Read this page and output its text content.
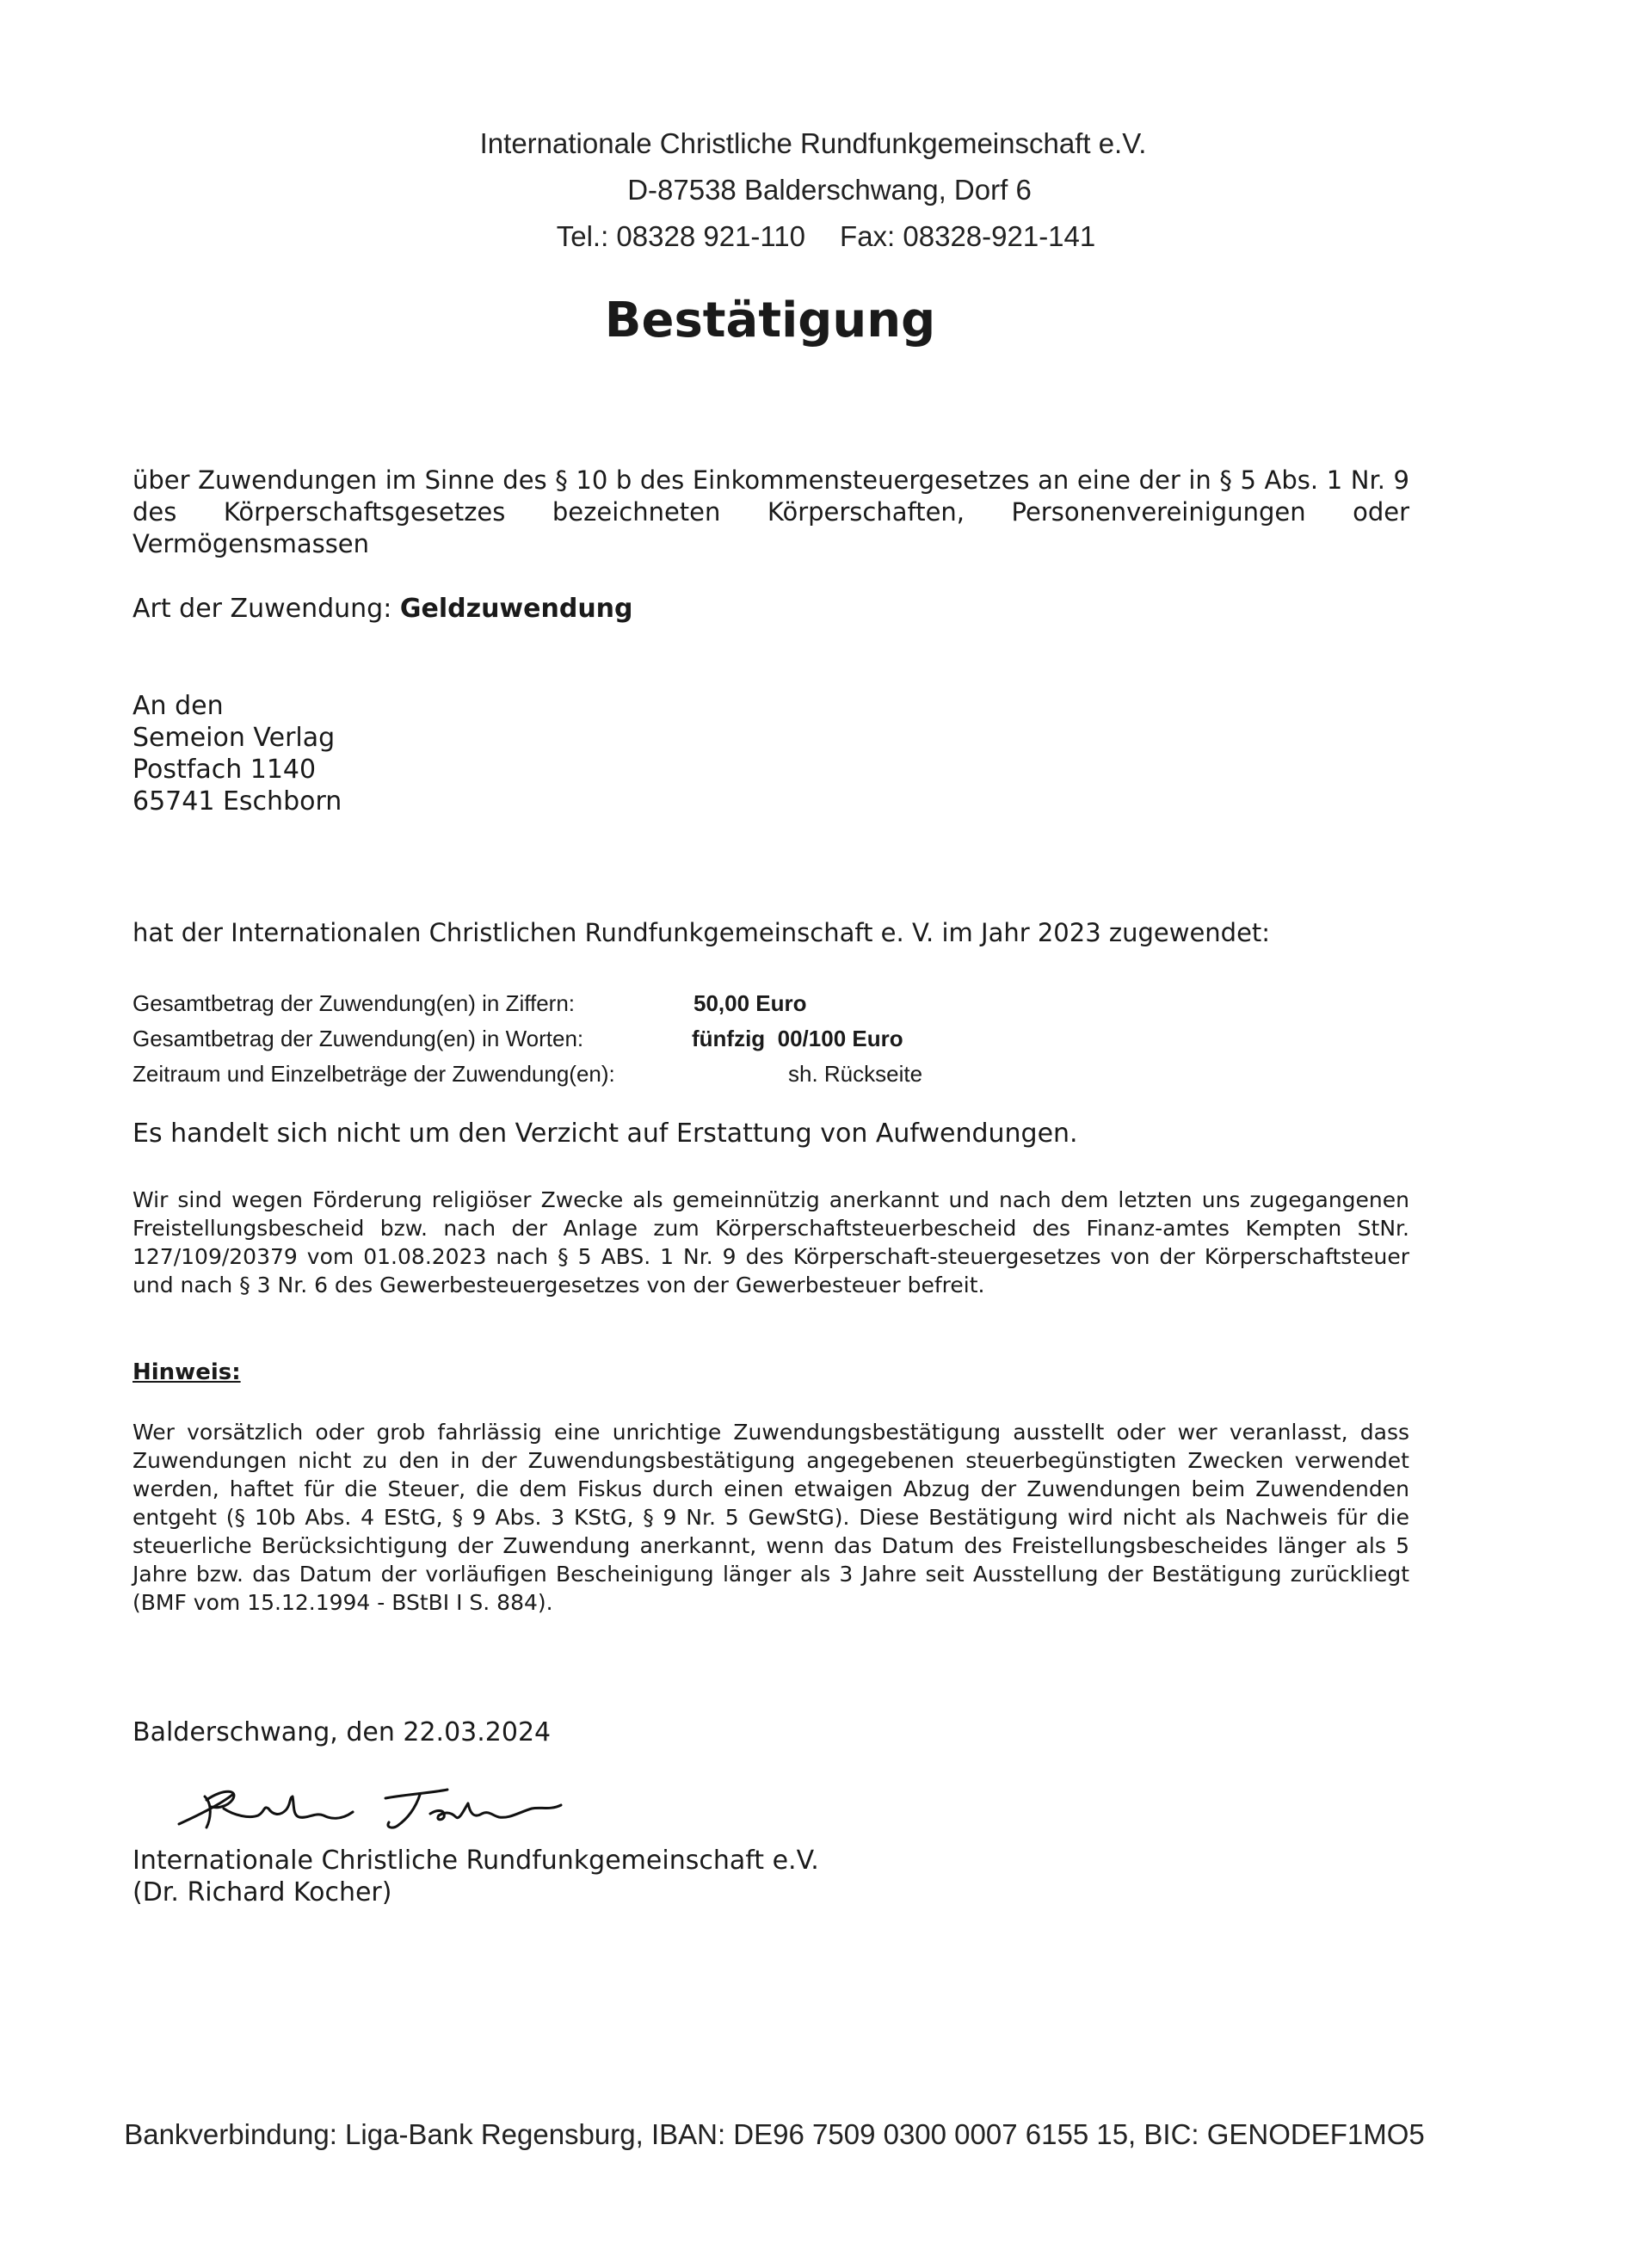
Internationale Christliche Rundfunkgemeinschaft e.V.
D-87538 Balderschwang, Dorf 6
Tel.: 08328 921-110 Fax: 08328-921-141
Bestätigung
über Zuwendungen im Sinne des § 10 b des Einkommensteuergesetzes an eine der in § 5 Abs. 1 Nr. 9 des Körperschaftsgesetzes bezeichneten Körperschaften, Personenvereinigungen oder Vermögensmassen
Art der Zuwendung: Geldzuwendung
An den
Semeion Verlag
Postfach 1140
65741 Eschborn
hat der Internationalen Christlichen Rundfunkgemeinschaft e. V. im Jahr 2023 zugewendet:
Gesamtbetrag der Zuwendung(en) in Ziffern:	50,00 Euro
Gesamtbetrag der Zuwendung(en) in Worten:	fünfzig  00/100 Euro
Zeitraum und Einzelbeträge der Zuwendung(en):	sh. Rückseite
Es handelt sich nicht um den Verzicht auf Erstattung von Aufwendungen.
Wir sind wegen Förderung religiöser Zwecke als gemeinnützig anerkannt und nach dem letzten uns zugegangenen Freistellungsbescheid bzw. nach der Anlage zum Körperschaftsteuerbescheid des Finanz-amtes Kempten StNr. 127/109/20379 vom 01.08.2023 nach § 5 ABS. 1 Nr. 9 des Körperschaft-steuergesetzes von der Körperschaftsteuer und nach § 3 Nr. 6 des Gewerbesteuergesetzes von der Gewerbesteuer befreit.
Hinweis:
Wer vorsätzlich oder grob fahrlässig eine unrichtige Zuwendungsbestätigung ausstellt oder wer veranlasst, dass Zuwendungen nicht zu den in der Zuwendungsbestätigung angegebenen steuerbegünstigten Zwecken verwendet werden, haftet für die Steuer, die dem Fiskus durch einen etwaigen Abzug der Zuwendungen beim Zuwendenden entgeht (§ 10b Abs. 4 EStG, § 9 Abs. 3 KStG, § 9 Nr. 5 GewStG). Diese Bestätigung wird nicht als Nachweis für die steuerliche Berücksichtigung der Zuwendung anerkannt, wenn das Datum des Freistellungsbescheides länger als 5 Jahre bzw. das Datum der vorläufigen Bescheinigung länger als 3 Jahre seit Ausstellung der Bestätigung zurückliegt (BMF vom 15.12.1994 - BStBI I S. 884).
Balderschwang, den 22.03.2024
Internationale Christliche Rundfunkgemeinschaft e.V.
(Dr. Richard Kocher)
Bankverbindung: Liga-Bank Regensburg, IBAN: DE96 7509 0300 0007 6155 15, BIC: GENODEF1MO5
